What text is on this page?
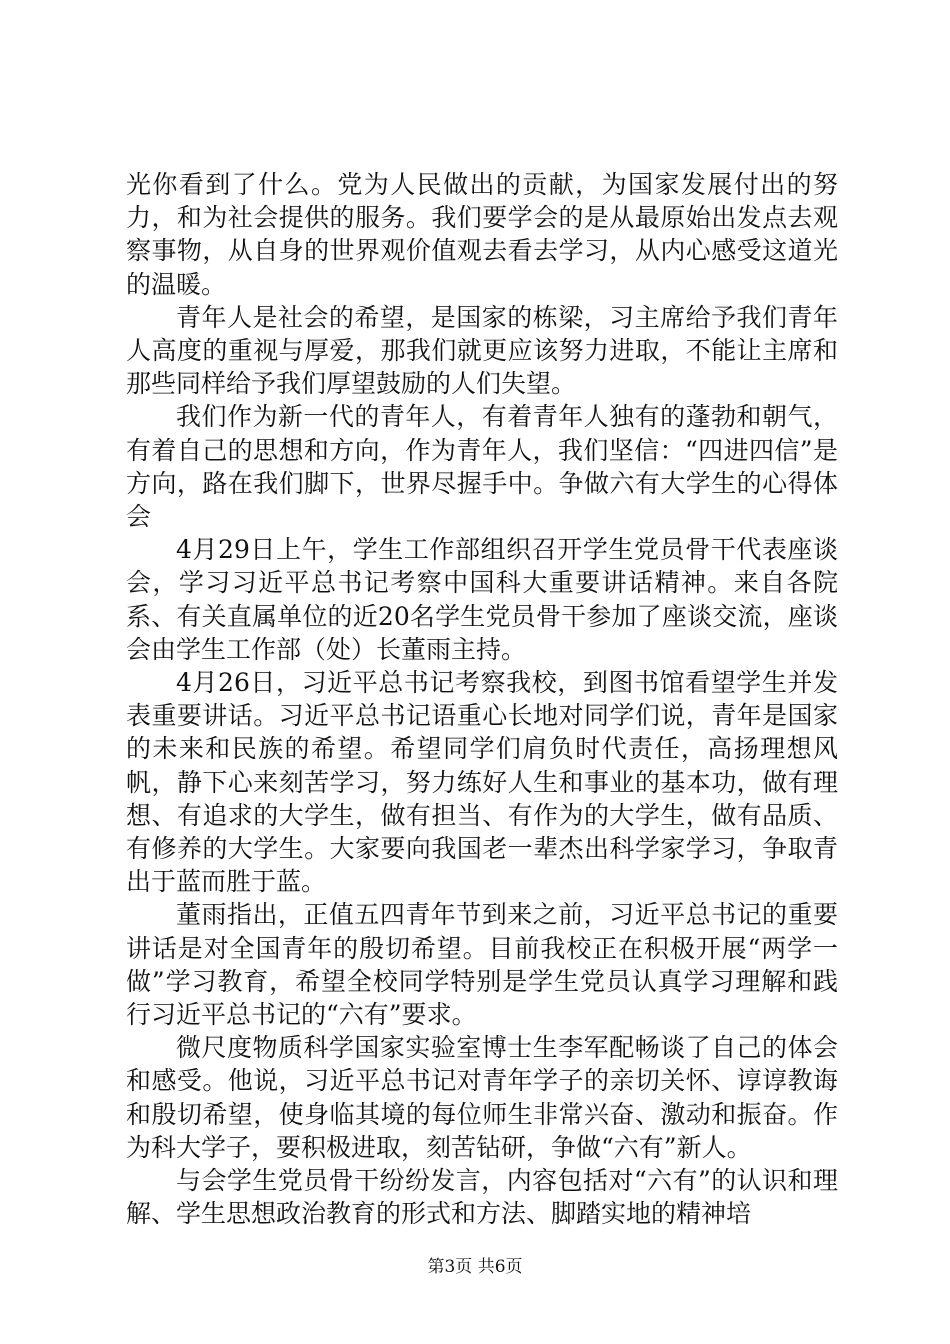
光你看到了什么。党为人民做出的贡献，为国家发展付出的努力，和为社会提供的服务。我们要学会的是从最原始出发点去观察事物，从自身的世界观价值观去看去学习，从内心感受这道光的温暖。

青年人是社会的希望，是国家的栋梁，习主席给予我们青年人高度的重视与厚爱，那我们就更应该努力进取，不能让主席和那些同样给予我们厚望鼓励的人们失望。

我们作为新一代的青年人，有着青年人独有的蓬勃和朝气，有着自己的思想和方向，作为青年人，我们坚信：“四进四信”是方向，路在我们脚下，世界尽握手中。争做六有大学生的心得体会

4月29日上午，学生工作部组织召开学生党员骨干代表座谈会，学习习近平总书记考察中国科大重要讲话精神。来自各院系、有关直属单位的近20名学生党员骨干参加了座谈交流，座谈会由学生工作部（处）长董雨主持。

4月26日，习近平总书记考察我校，到图书馆看望学生并发表重要讲话。习近平总书记语重心长地对同学们说，青年是国家的未来和民族的希望。希望同学们肩负时代责任，高扬理想风帆，静下心来刻苦学习，努力练好人生和事业的基本功，做有理想、有追求的大学生，做有担当、有作为的大学生，做有品质、有修养的大学生。大家要向我国老一辈杰出科学家学习，争取青出于蓝而胜于蓝。

董雨指出，正值五四青年节到来之前，习近平总书记的重要讲话是对全国青年的殷切希望。目前我校正在积极开展“两学一做”学习教育，希望全校同学特别是学生党员认真学习理解和践行习近平总书记的“六有”要求。

微尺度物质科学国家实验室博士生李军配畅谈了自己的体会和感受。他说，习近平总书记对青年学子的亲切关怀、谆谆教诲和殷切希望，使身临其境的每位师生非常兴奋、激动和振奋。作为科大学子，要积极进取，刻苦钻研，争做“六有”新人。

与会学生党员骨干纷纷发言，内容包括对“六有”的认识和理解、学生思想政治教育的形式和方法、脚踏实地的精神培

第3页 共6页
